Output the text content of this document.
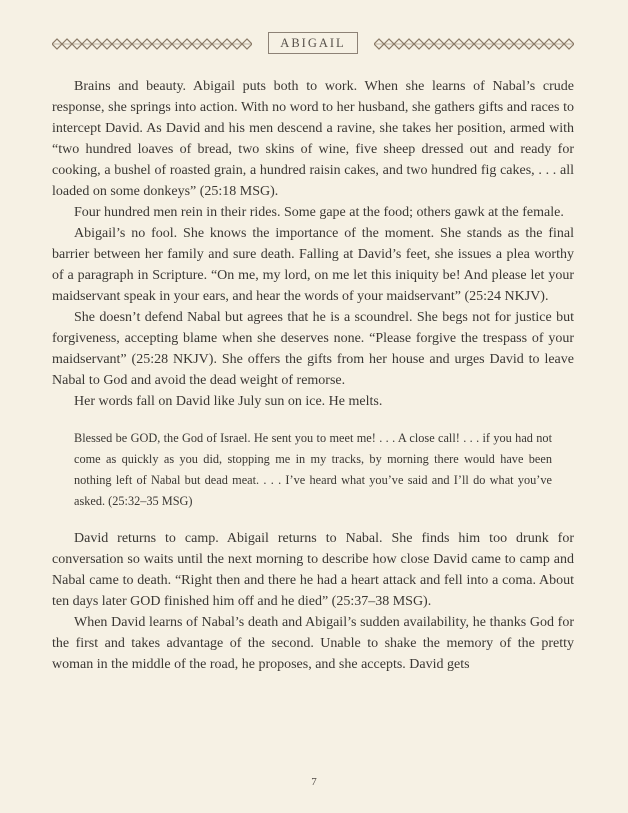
ABIGAIL

Brains and beauty. Abigail puts both to work. When she learns of Nabal’s crude response, she springs into action. With no word to her husband, she gathers gifts and races to intercept David. As David and his men descend a ravine, she takes her position, armed with “two hundred loaves of bread, two skins of wine, five sheep dressed out and ready for cooking, a bushel of roasted grain, a hundred raisin cakes, and two hundred fig cakes, . . . all loaded on some donkeys” (25:18 MSG).

Four hundred men rein in their rides. Some gape at the food; others gawk at the female.

Abigail’s no fool. She knows the importance of the moment. She stands as the final barrier between her family and sure death. Falling at David’s feet, she issues a plea worthy of a paragraph in Scripture. “On me, my lord, on me let this iniquity be! And please let your maidservant speak in your ears, and hear the words of your maidservant” (25:24 NKJV).

She doesn’t defend Nabal but agrees that he is a scoundrel. She begs not for justice but forgiveness, accepting blame when she deserves none. “Please forgive the trespass of your maidservant” (25:28 NKJV). She offers the gifts from her house and urges David to leave Nabal to God and avoid the dead weight of remorse.

Her words fall on David like July sun on ice. He melts.

Blessed be GOD, the God of Israel. He sent you to meet me! . . . A close call! . . . if you had not come as quickly as you did, stopping me in my tracks, by morning there would have been nothing left of Nabal but dead meat. . . . I’ve heard what you’ve said and I’ll do what you’ve asked. (25:32–35 MSG)

David returns to camp. Abigail returns to Nabal. She finds him too drunk for conversation so waits until the next morning to describe how close David came to camp and Nabal came to death. “Right then and there he had a heart attack and fell into a coma. About ten days later GOD finished him off and he died” (25:37–38 MSG).

When David learns of Nabal’s death and Abigail’s sudden availability, he thanks God for the first and takes advantage of the second. Unable to shake the memory of the pretty woman in the middle of the road, he proposes, and she accepts. David gets

7
